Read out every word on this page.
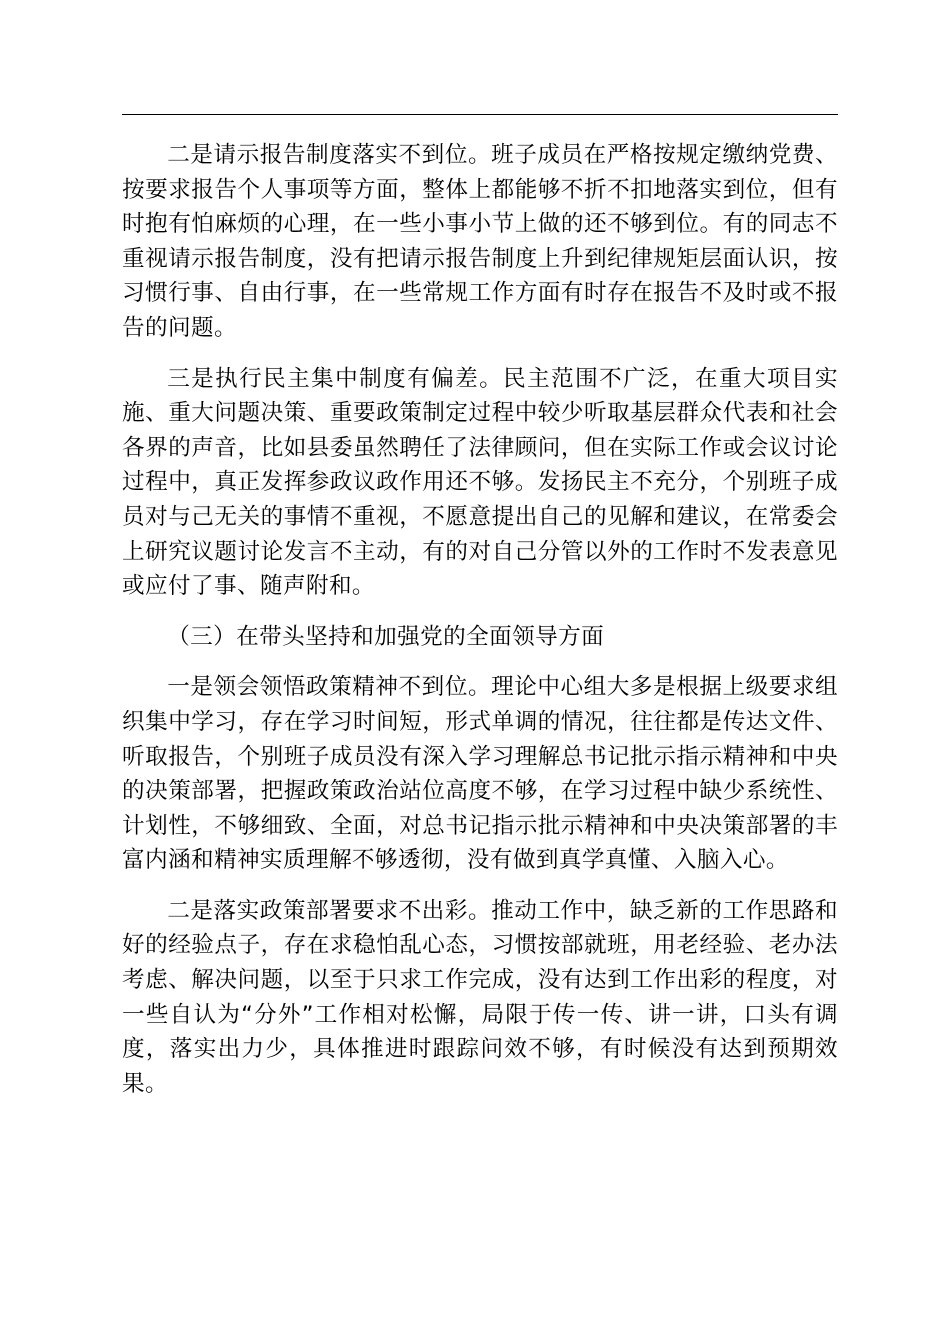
二是请示报告制度落实不到位。班子成员在严格按规定缴纳党费、按要求报告个人事项等方面，整体上都能够不折不扣地落实到位，但有时抱有怕麻烦的心理，在一些小事小节上做的还不够到位。有的同志不重视请示报告制度，没有把请示报告制度上升到纪律规矩层面认识，按习惯行事、自由行事，在一些常规工作方面有时存在报告不及时或不报告的问题。

三是执行民主集中制度有偏差。民主范围不广泛，在重大项目实施、重大问题决策、重要政策制定过程中较少听取基层群众代表和社会各界的声音，比如县委虽然聘任了法律顾问，但在实际工作或会议讨论过程中，真正发挥参政议政作用还不够。发扬民主不充分，个别班子成员对与己无关的事情不重视，不愿意提出自己的见解和建议，在常委会上研究议题讨论发言不主动，有的对自己分管以外的工作时不发表意见或应付了事、随声附和。

（三）在带头坚持和加强党的全面领导方面

一是领会领悟政策精神不到位。理论中心组大多是根据上级要求组织集中学习，存在学习时间短，形式单调的情况，往往都是传达文件、听取报告，个别班子成员没有深入学习理解总书记批示指示精神和中央的决策部署，把握政策政治站位高度不够，在学习过程中缺少系统性、计划性，不够细致、全面，对总书记指示批示精神和中央决策部署的丰富内涵和精神实质理解不够透彻，没有做到真学真懂、入脑入心。

二是落实政策部署要求不出彩。推动工作中，缺乏新的工作思路和好的经验点子，存在求稳怕乱心态，习惯按部就班，用老经验、老办法考虑、解决问题，以至于只求工作完成，没有达到工作出彩的程度，对一些自认为“分外”工作相对松懈，局限于传一传、讲一讲，口头有调度，落实出力少，具体推进时跟踪问效不够，有时候没有达到预期效果。
